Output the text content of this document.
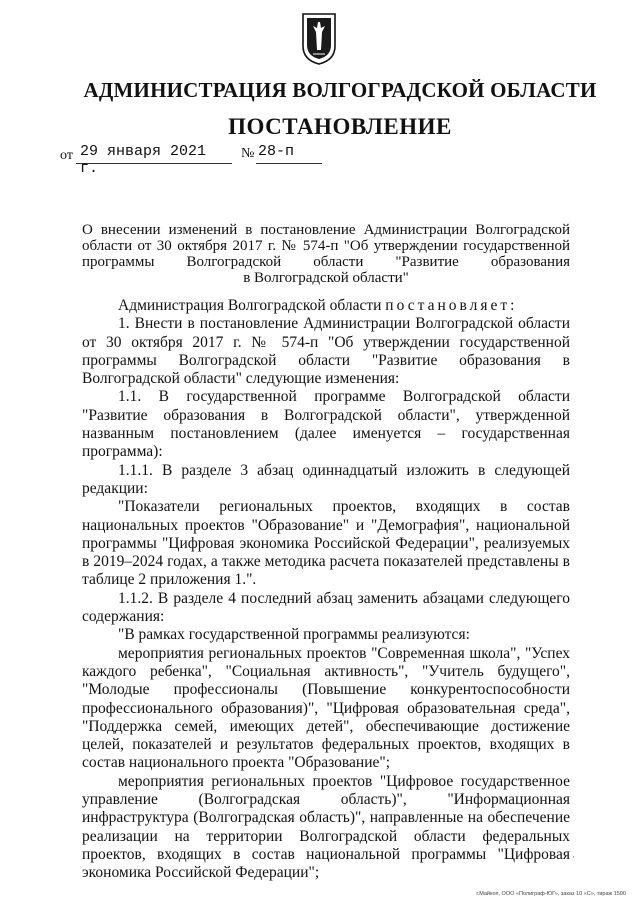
АДМИНИСТРАЦИЯ ВОЛГОГРАДСКОЙ ОБЛАСТИ
ПОСТАНОВЛЕНИЕ
от 29 января 2021 г.
№ 28-п
О внесении изменений в постановление Администрации Волгоградской
области от 30 октября 2017 г. № 574-п "Об утверждении государственной
программы Волгоградской области "Развитие образования
в Волгоградской области"

Администрация Волгоградской области постановляет:

1. Внести в постановление Администрации Волгоградской области от 30 октября 2017 г. № 574-п "Об утверждении государственной программы Волгоградской области "Развитие образования в Волгоградской области" следующие изменения:

1.1. В государственной программе Волгоградской области "Развитие образования в Волгоградской области", утвержденной названным постановлением (далее именуется – государственная программа):

1.1.1. В разделе 3 абзац одиннадцатый изложить в следующей редакции:

"Показатели региональных проектов, входящих в состав национальных проектов "Образование" и "Демография", национальной программы "Цифровая экономика Российской Федерации", реализуемых в 2019–2024 годах, а также методика расчета показателей представлены в таблице 2 приложения 1.".

1.1.2. В разделе 4 последний абзац заменить абзацами следующего содержания:

"В рамках государственной программы реализуются:

мероприятия региональных проектов "Современная школа", "Успех каждого ребенка", "Социальная активность", "Учитель будущего", "Молодые профессионалы (Повышение конкурентоспособности профессионального образования)", "Цифровая образовательная среда", "Поддержка семей, имеющих детей", обеспечивающие достижение целей, показателей и результатов федеральных проектов, входящих в состав национального проекта "Образование";

мероприятия региональных проектов "Цифровое государственное управление (Волгоградская область)", "Информационная инфраструктура (Волгоградская область)", направленные на обеспечение реализации на территории Волгоградской области федеральных проектов, входящих в состав национальной программы "Цифровая экономика Российской Федерации";

·
г.Майкоп, ООО «Полиграф-ЮГ», заказ 10 «С», тираж 1500
